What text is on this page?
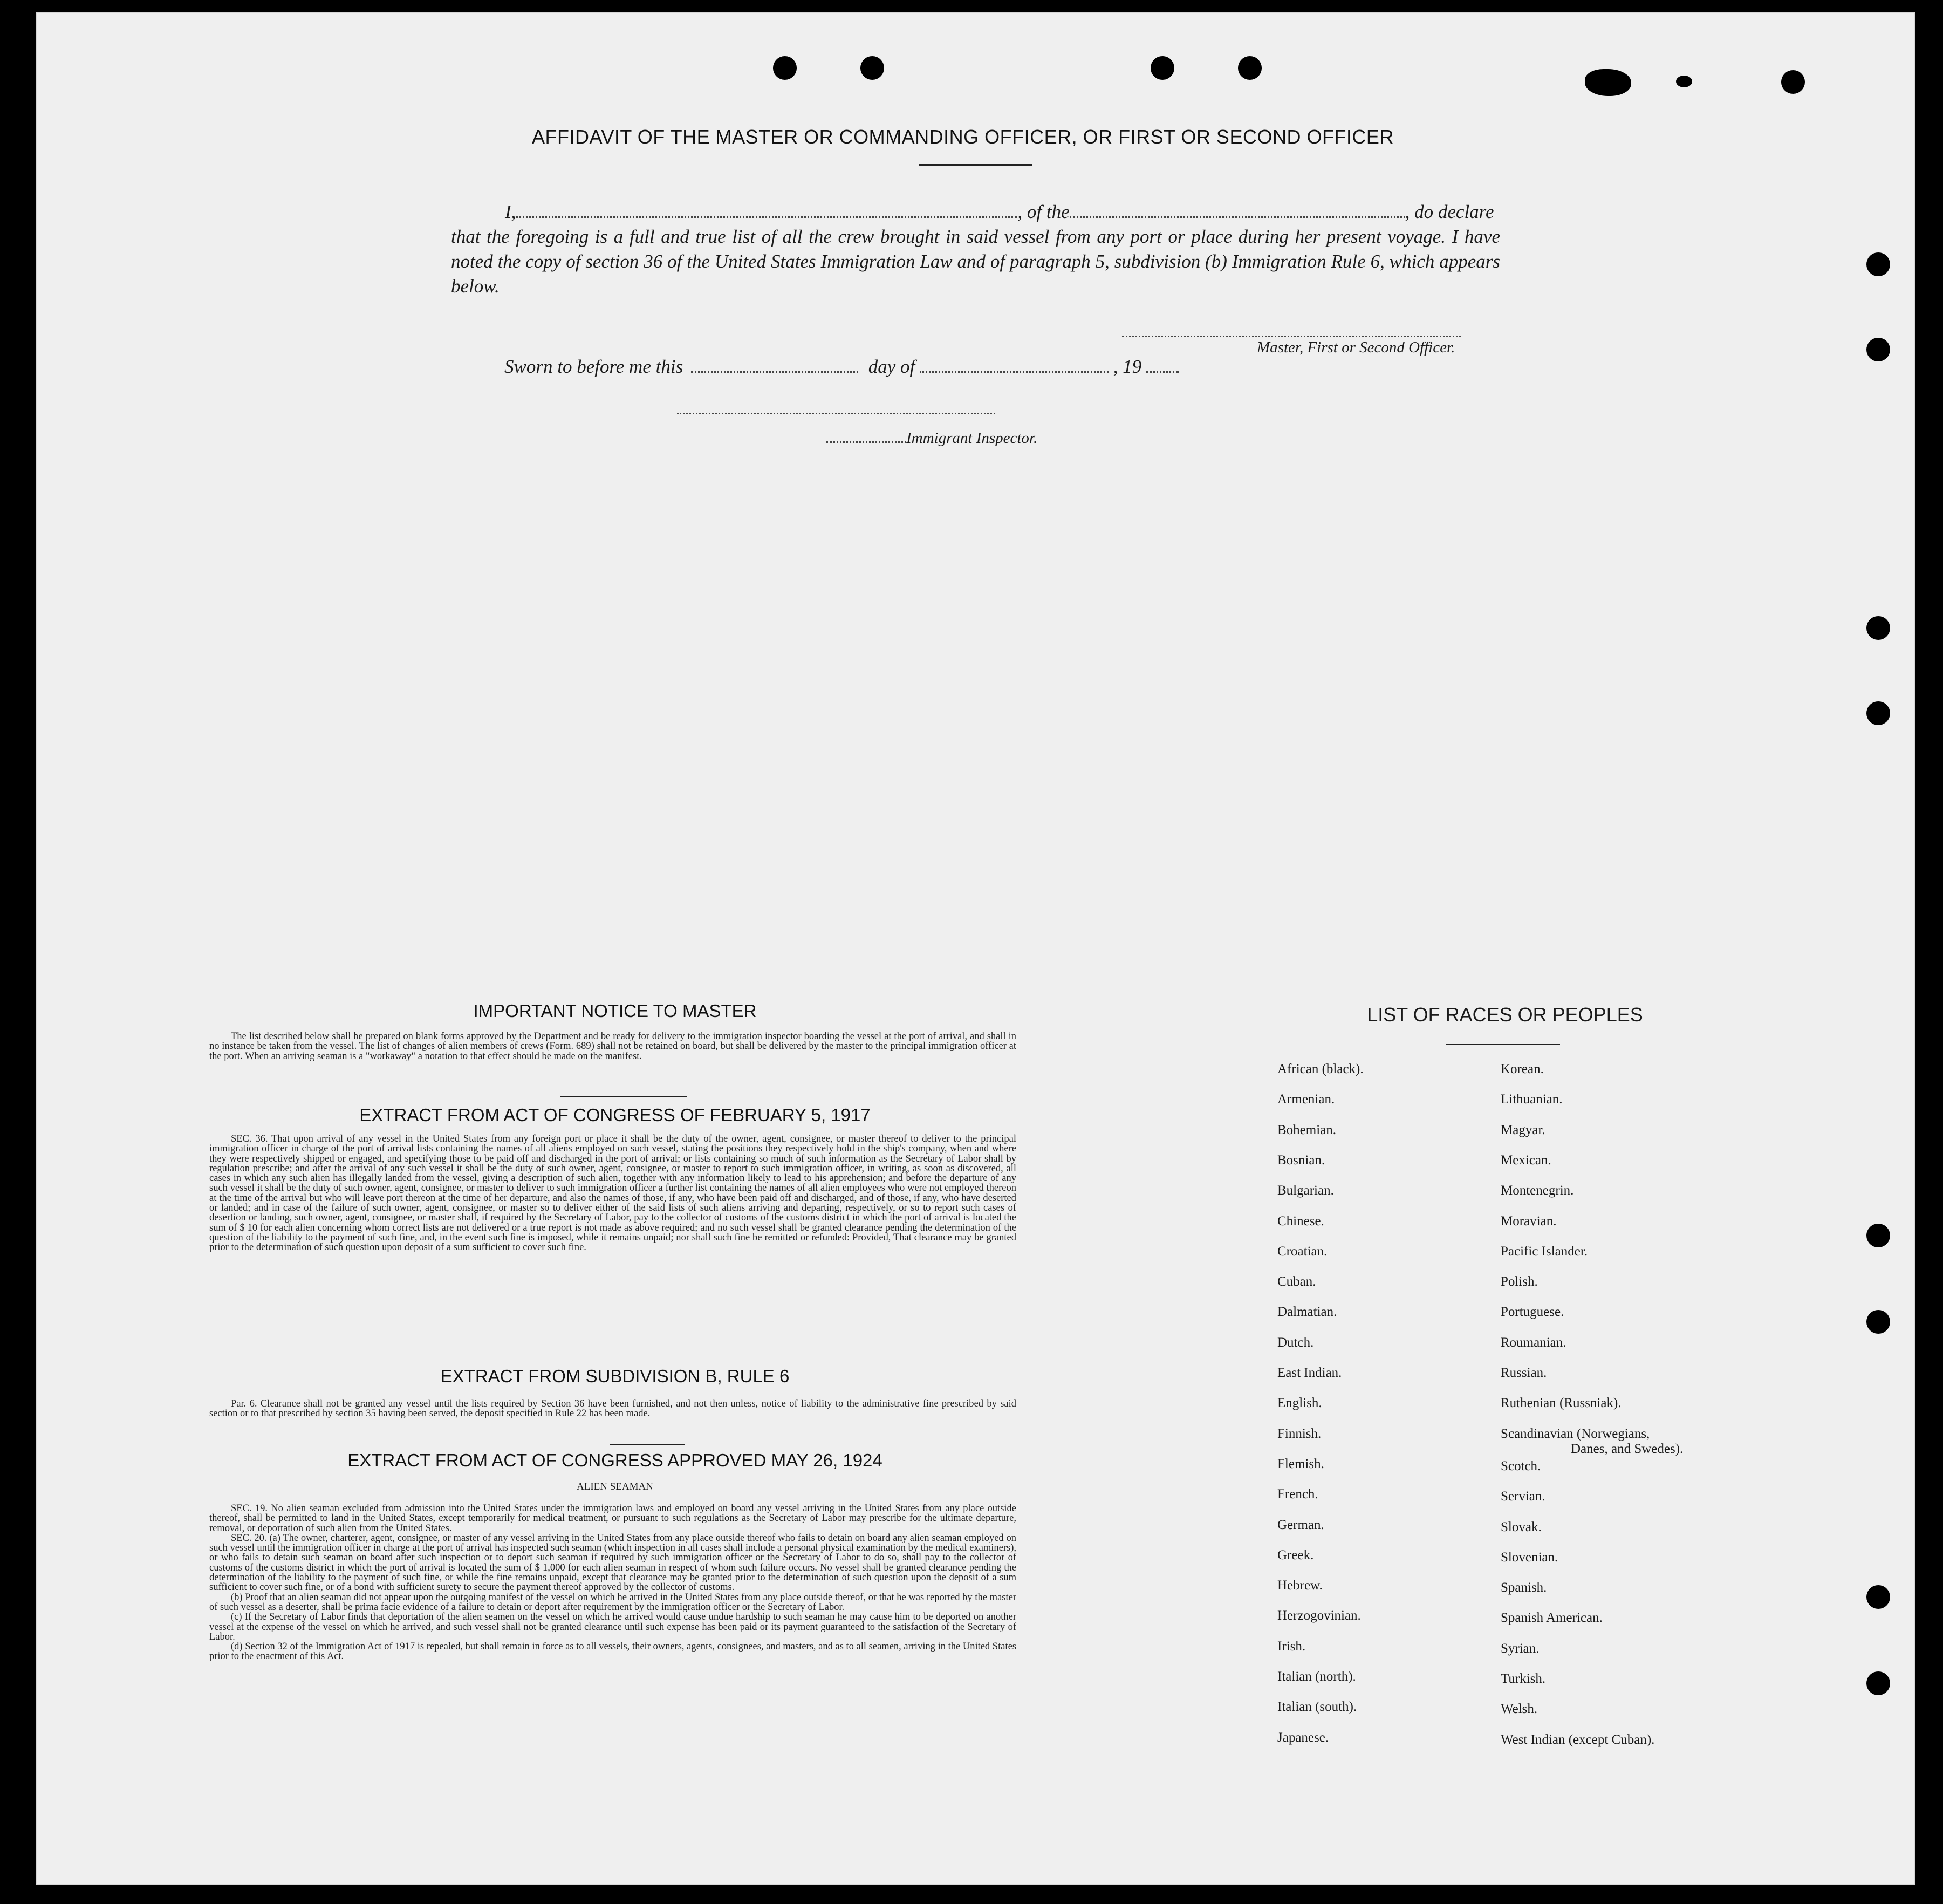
AFFIDAVIT OF THE MASTER OR COMMANDING OFFICER, OR FIRST OR SECOND OFFICER
I,	, of the	, do declare
that the foregoing is a full and true list of all the crew brought in said vessel from any port or place during her present voyage. I have noted the copy of section 36 of the United States Immigration Law and of paragraph 5, subdivision (b) Immigration Rule 6, which appears below.
Master, First or Second Officer.
Sworn to before me this	day of	, 19
Immigrant Inspector.
IMPORTANT NOTICE TO MASTER

The list described below shall be prepared on blank forms approved by the Department and be ready for delivery to the immigration inspector boarding the vessel at the port of arrival, and shall in no instance be taken from the vessel. The list of changes of alien members of crews (Form. 689) shall not be retained on board, but shall be delivered by the master to the principal immigration officer at the port. When an arriving seaman is a "workaway" a notation to that effect should be made on the manifest.

EXTRACT FROM ACT OF CONGRESS OF FEBRUARY 5, 1917

SEC. 36. That upon arrival of any vessel in the United States from any foreign port or place it shall be the duty of the owner, agent, consignee, or master thereof to deliver to the principal immigration officer in charge of the port of arrival lists containing the names of all aliens employed on such vessel, stating the positions they respectively hold in the ship's company, when and where they were respectively shipped or engaged, and specifying those to be paid off and discharged in the port of arrival; or lists containing so much of such information as the Secretary of Labor shall by regulation prescribe; and after the arrival of any such vessel it shall be the duty of such owner, agent, consignee, or master to report to such immigration officer, in writing, as soon as discovered, all cases in which any such alien has illegally landed from the vessel, giving a description of such alien, together with any information likely to lead to his apprehension; and before the departure of any such vessel it shall be the duty of such owner, agent, consignee, or master to deliver to such immigration officer a further list containing the names of all alien employees who were not employed thereon at the time of the arrival but who will leave port thereon at the time of her departure, and also the names of those, if any, who have been paid off and discharged, and of those, if any, who have deserted or landed; and in case of the failure of such owner, agent, consignee, or master so to deliver either of the said lists of such aliens arriving and departing, respectively, or so to report such cases of desertion or landing, such owner, agent, consignee, or master shall, if required by the Secretary of Labor, pay to the collector of customs of the customs district in which the port of arrival is located the sum of $ 10 for each alien concerning whom correct lists are not delivered or a true report is not made as above required; and no such vessel shall be granted clearance pending the determination of the question of the liability to the payment of such fine, and, in the event such fine is imposed, while it remains unpaid; nor shall such fine be remitted or refunded: Provided, That clearance may be granted prior to the determination of such question upon deposit of a sum sufficient to cover such fine.

EXTRACT FROM SUBDIVISION B, RULE 6

Par. 6. Clearance shall not be granted any vessel until the lists required by Section 36 have been furnished, and not then unless, notice of liability to the administrative fine prescribed by said section or to that prescribed by section 35 having been served, the deposit specified in Rule 22 has been made.

EXTRACT FROM ACT OF CONGRESS APPROVED MAY 26, 1924
ALIEN SEAMAN

SEC. 19. No alien seaman excluded from admission into the United States under the immigration laws and employed on board any vessel arriving in the United States from any place outside thereof, shall be permitted to land in the United States, except temporarily for medical treatment, or pursuant to such regulations as the Secretary of Labor may prescribe for the ultimate departure, removal, or deportation of such alien from the United States.

SEC. 20. (a) The owner, charterer, agent, consignee, or master of any vessel arriving in the United States from any place outside thereof who fails to detain on board any alien seaman employed on such vessel until the immigration officer in charge at the port of arrival has inspected such seaman (which inspection in all cases shall include a personal physical examination by the medical examiners), or who fails to detain such seaman on board after such inspection or to deport such seaman if required by such immigration officer or the Secretary of Labor to do so, shall pay to the collector of customs of the customs district in which the port of arrival is located the sum of $ 1,000 for each alien seaman in respect of whom such failure occurs. No vessel shall be granted clearance pending the determination of the liability to the payment of such fine, or while the fine remains unpaid, except that clearance may be granted prior to the determination of such question upon the deposit of a sum sufficient to cover such fine, or of a bond with sufficient surety to secure the payment thereof approved by the collector of customs.

(b) Proof that an alien seaman did not appear upon the outgoing manifest of the vessel on which he arrived in the United States from any place outside thereof, or that he was reported by the master of such vessel as a deserter, shall be prima facie evidence of a failure to detain or deport after requirement by the immigration officer or the Secretary of Labor.

(c) If the Secretary of Labor finds that deportation of the alien seamen on the vessel on which he arrived would cause undue hardship to such seaman he may cause him to be deported on another vessel at the expense of the vessel on which he arrived, and such vessel shall not be granted clearance until such expense has been paid or its payment guaranteed to the satisfaction of the Secretary of Labor.

(d) Section 32 of the Immigration Act of 1917 is repealed, but shall remain in force as to all vessels, their owners, agents, consignees, and masters, and as to all seamen, arriving in the United States prior to the enactment of this Act.

LIST OF RACES OR PEOPLES
African (black).
Armenian.
Bohemian.
Bosnian.
Bulgarian.
Chinese.
Croatian.
Cuban.
Dalmatian.
Dutch.
East Indian.
English.
Finnish.
Flemish.
French.
German.
Greek.
Hebrew.
Herzogovinian.
Irish.
Italian (north).
Italian (south).
Japanese.
Korean.
Lithuanian.
Magyar.
Mexican.
Montenegrin.
Moravian.
Pacific Islander.
Polish.
Portuguese.
Roumanian.
Russian.
Ruthenian (Russniak).
Scandinavian (Norwegians,
Danes, and Swedes).
Scotch.
Servian.
Slovak.
Slovenian.
Spanish.
Spanish American.
Syrian.
Turkish.
Welsh.
West Indian (except Cuban).
